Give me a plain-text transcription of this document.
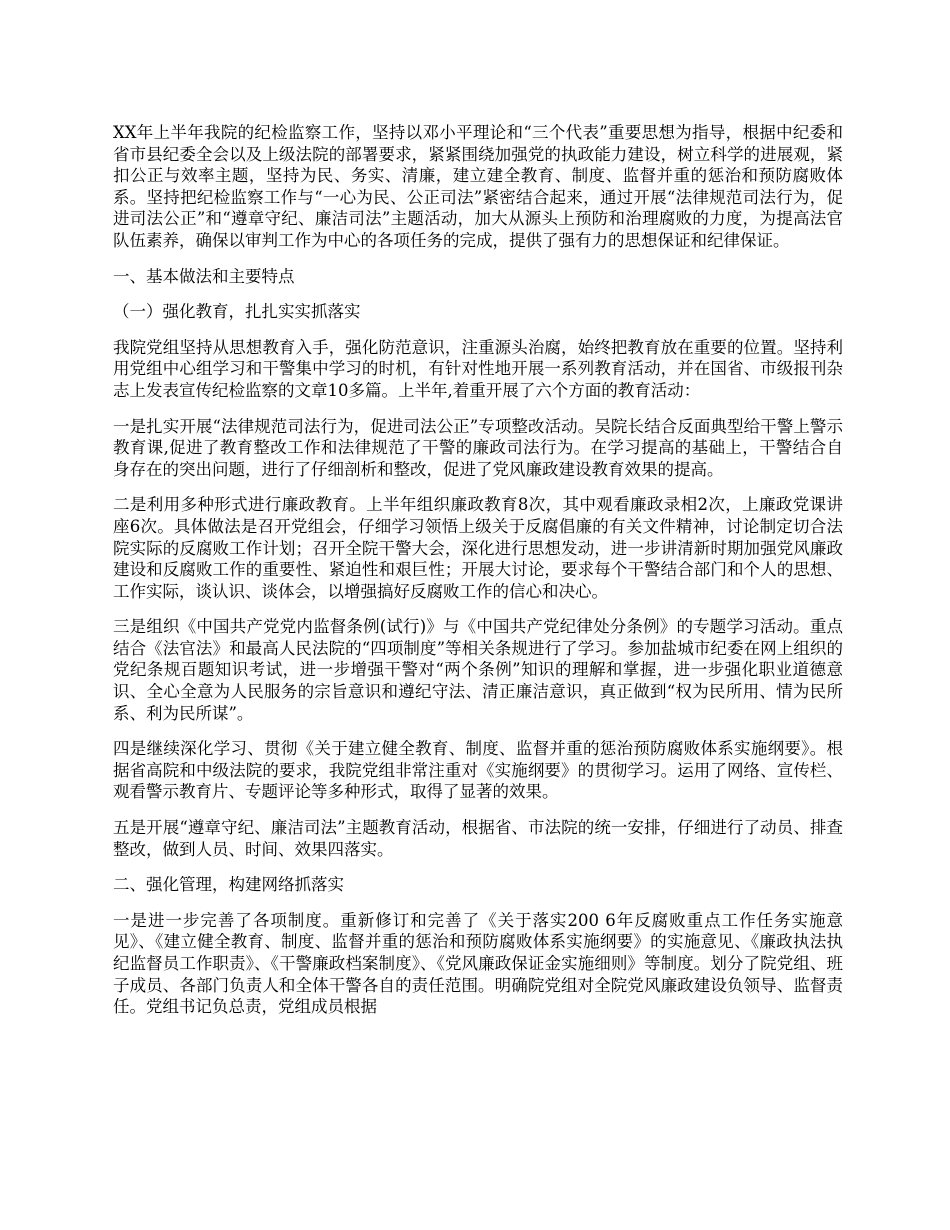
XX年上半年我院的纪检监察工作，坚持以邓小平理论和“三个代表”重要思想为指导，根据中纪委和省市县纪委全会以及上级法院的部署要求，紧紧围绕加强党的执政能力建设，树立科学的进展观，紧扣公正与效率主题，坚持为民、务实、清廉，建立建全教育、制度、监督并重的惩治和预防腐败体系。坚持把纪检监察工作与“一心为民、公正司法”紧密结合起来，通过开展“法律规范司法行为，促进司法公正”和“遵章守纪、廉洁司法”主题活动，加大从源头上预防和治理腐败的力度，为提高法官队伍素养，确保以审判工作为中心的各项任务的完成，提供了强有力的思想保证和纪律保证。

一、基本做法和主要特点

（一）强化教育，扎扎实实抓落实

我院党组坚持从思想教育入手，强化防范意识，注重源头治腐，始终把教育放在重要的位置。坚持利用党组中心组学习和干警集中学习的时机，有针对性地开展一系列教育活动，并在国省、市级报刊杂志上发表宣传纪检监察的文章10多篇。上半年,着重开展了六个方面的教育活动：

一是扎实开展“法律规范司法行为，促进司法公正”专项整改活动。吴院长结合反面典型给干警上警示教育课,促进了教育整改工作和法律规范了干警的廉政司法行为。在学习提高的基础上，干警结合自身存在的突出问题，进行了仔细剖析和整改，促进了党风廉政建设教育效果的提高。

二是利用多种形式进行廉政教育。上半年组织廉政教育8次，其中观看廉政录相2次，上廉政党课讲座6次。具体做法是召开党组会，仔细学习领悟上级关于反腐倡廉的有关文件精神，讨论制定切合法院实际的反腐败工作计划；召开全院干警大会，深化进行思想发动，进一步讲清新时期加强党风廉政建设和反腐败工作的重要性、紧迫性和艰巨性；开展大讨论，要求每个干警结合部门和个人的思想、工作实际，谈认识、谈体会，以增强搞好反腐败工作的信心和决心。

三是组织《中国共产党党内监督条例(试行)》与《中国共产党纪律处分条例》的专题学习活动。重点结合《法官法》和最高人民法院的“四项制度”等相关条规进行了学习。参加盐城市纪委在网上组织的党纪条规百题知识考试，进一步增强干警对“两个条例”知识的理解和掌握，进一步强化职业道德意识、全心全意为人民服务的宗旨意识和遵纪守法、清正廉洁意识，真正做到“权为民所用、情为民所系、利为民所谋”。

四是继续深化学习、贯彻《关于建立健全教育、制度、监督并重的惩治预防腐败体系实施纲要》。根据省高院和中级法院的要求，我院党组非常注重对《实施纲要》的贯彻学习。运用了网络、宣传栏、观看警示教育片、专题评论等多种形式，取得了显著的效果。

五是开展“遵章守纪、廉洁司法”主题教育活动，根据省、市法院的统一安排，仔细进行了动员、排查整改，做到人员、时间、效果四落实。

二、强化管理，构建网络抓落实

一是进一步完善了各项制度。重新修订和完善了《关于落实200 6年反腐败重点工作任务实施意见》、《建立健全教育、制度、监督并重的惩治和预防腐败体系实施纲要》的实施意见、《廉政执法执纪监督员工作职责》、《干警廉政档案制度》、《党风廉政保证金实施细则》等制度。划分了院党组、班子成员、各部门负责人和全体干警各自的责任范围。明确院党组对全院党风廉政建设负领导、监督责任。党组书记负总责，党组成员根据
